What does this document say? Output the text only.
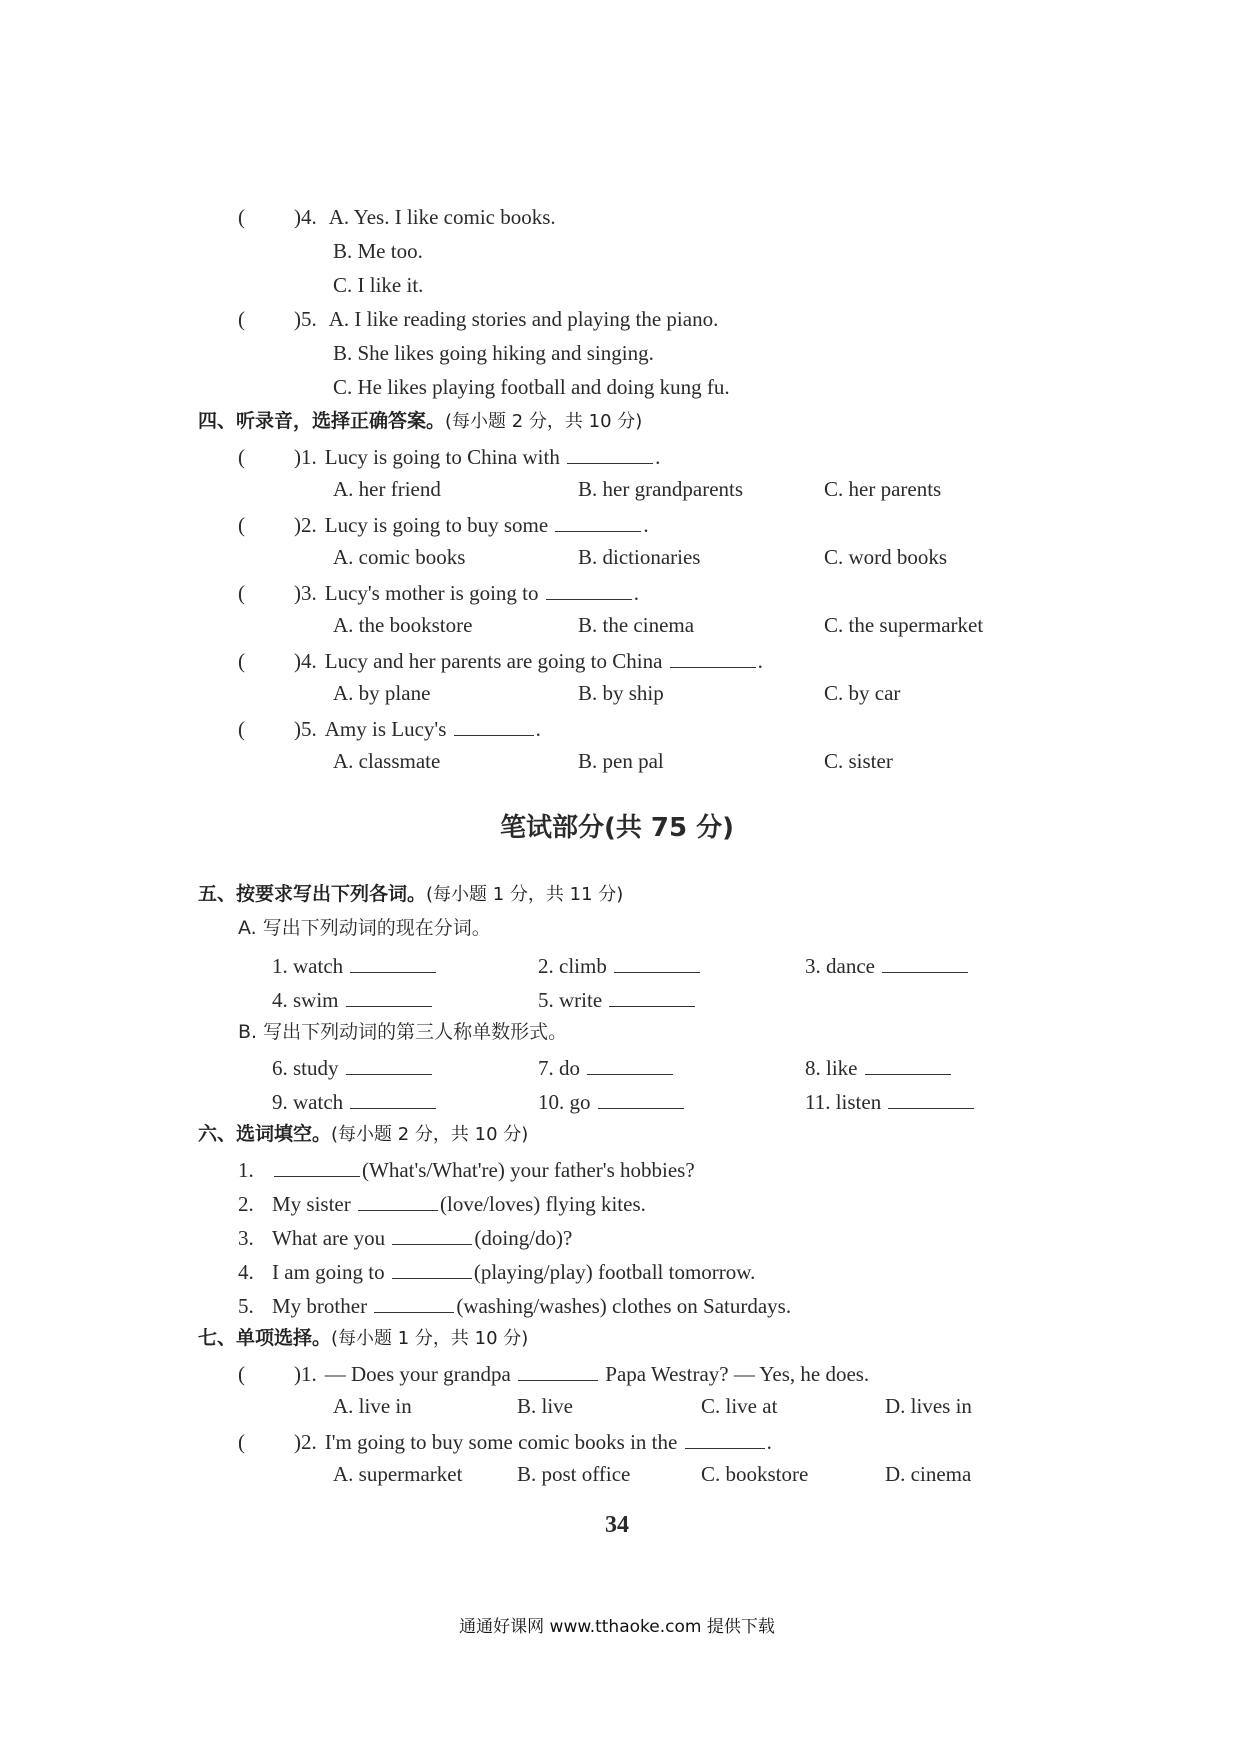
( )4. A. Yes. I like comic books.
B. Me too.
C. I like it.
( )5. A. I like reading stories and playing the piano.
B. She likes going hiking and singing.
C. He likes playing football and doing kung fu.
四、听录音，选择正确答案。(每小题 2 分，共 10 分)
( )1. Lucy is going to China with	.
A. her friend	B. her grandparents	C. her parents
( )2. Lucy is going to buy some	.
A. comic books	B. dictionaries	C. word books
( )3. Lucy's mother is going to	.
A. the bookstore	B. the cinema	C. the supermarket
( )4. Lucy and her parents are going to China	.
A. by plane	B. by ship	C. by car
( )5. Amy is Lucy's	.
A. classmate	B. pen pal	C. sister
笔试部分(共 75 分)
五、按要求写出下列各词。(每小题 1 分，共 11 分)
A. 写出下列动词的现在分词。
1. watch	2. climb	3. dance
4. swim	5. write
B. 写出下列动词的第三人称单数形式。
6. study	7. do	8. like
9. watch	10. go	11. listen
六、选词填空。(每小题 2 分，共 10 分)
1.	(What's/What're) your father's hobbies?
2. My sister	(love/loves) flying kites.
3. What are you	(doing/do)?
4. I am going to	(playing/play) football tomorrow.
5. My brother	(washing/washes) clothes on Saturdays.
七、单项选择。(每小题 1 分，共 10 分)
( )1. — Does your grandpa	Papa Westray? — Yes, he does.
A. live in	B. live	C. live at	D. lives in
( )2. I'm going to buy some comic books in the	.
A. supermarket	B. post office	C. bookstore	D. cinema
34
通通好课网 www.tthaoke.com 提供下载
